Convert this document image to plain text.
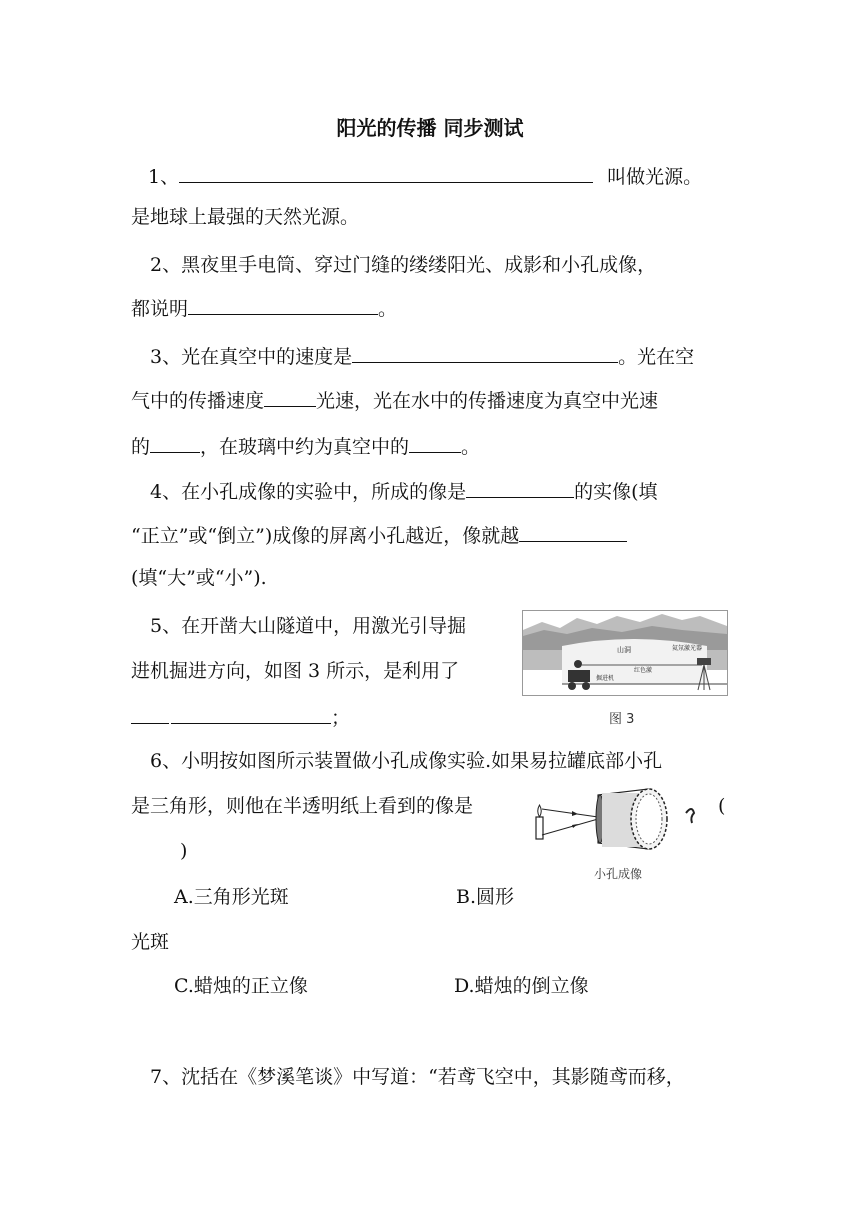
阳光的传播 同步测试
1、	叫做光源。
是地球上最强的天然光源。
2、黑夜里手电筒、穿过门缝的缕缕阳光、成影和小孔成像，
都说明	。
3、光在真空中的速度是	。光在空
气中的传播速度	光速，光在水中的传播速度为真空中光速
的	，在玻璃中约为真空中的	。
4、在小孔成像的实验中，所成的像是	的实像(填
“正立”或“倒立”)成像的屏离小孔越近，像就越
(填“大”或“小”).
5、在开凿大山隧道中，用激光引导掘
进机掘进方向，如图 3 所示，是利用了
；
山洞	氦氖激光器
红色激
掘进机
图 3
6、小明按如图所示装置做小孔成像实验.如果易拉罐底部小孔
是三角形，则他在半透明纸上看到的像是	(
)
小孔成像
A.三角形光斑	B.圆形
光斑
C.蜡烛的正立像	D.蜡烛的倒立像
7、沈括在《梦溪笔谈》中写道：“若鸢飞空中，其影随鸢而移，
